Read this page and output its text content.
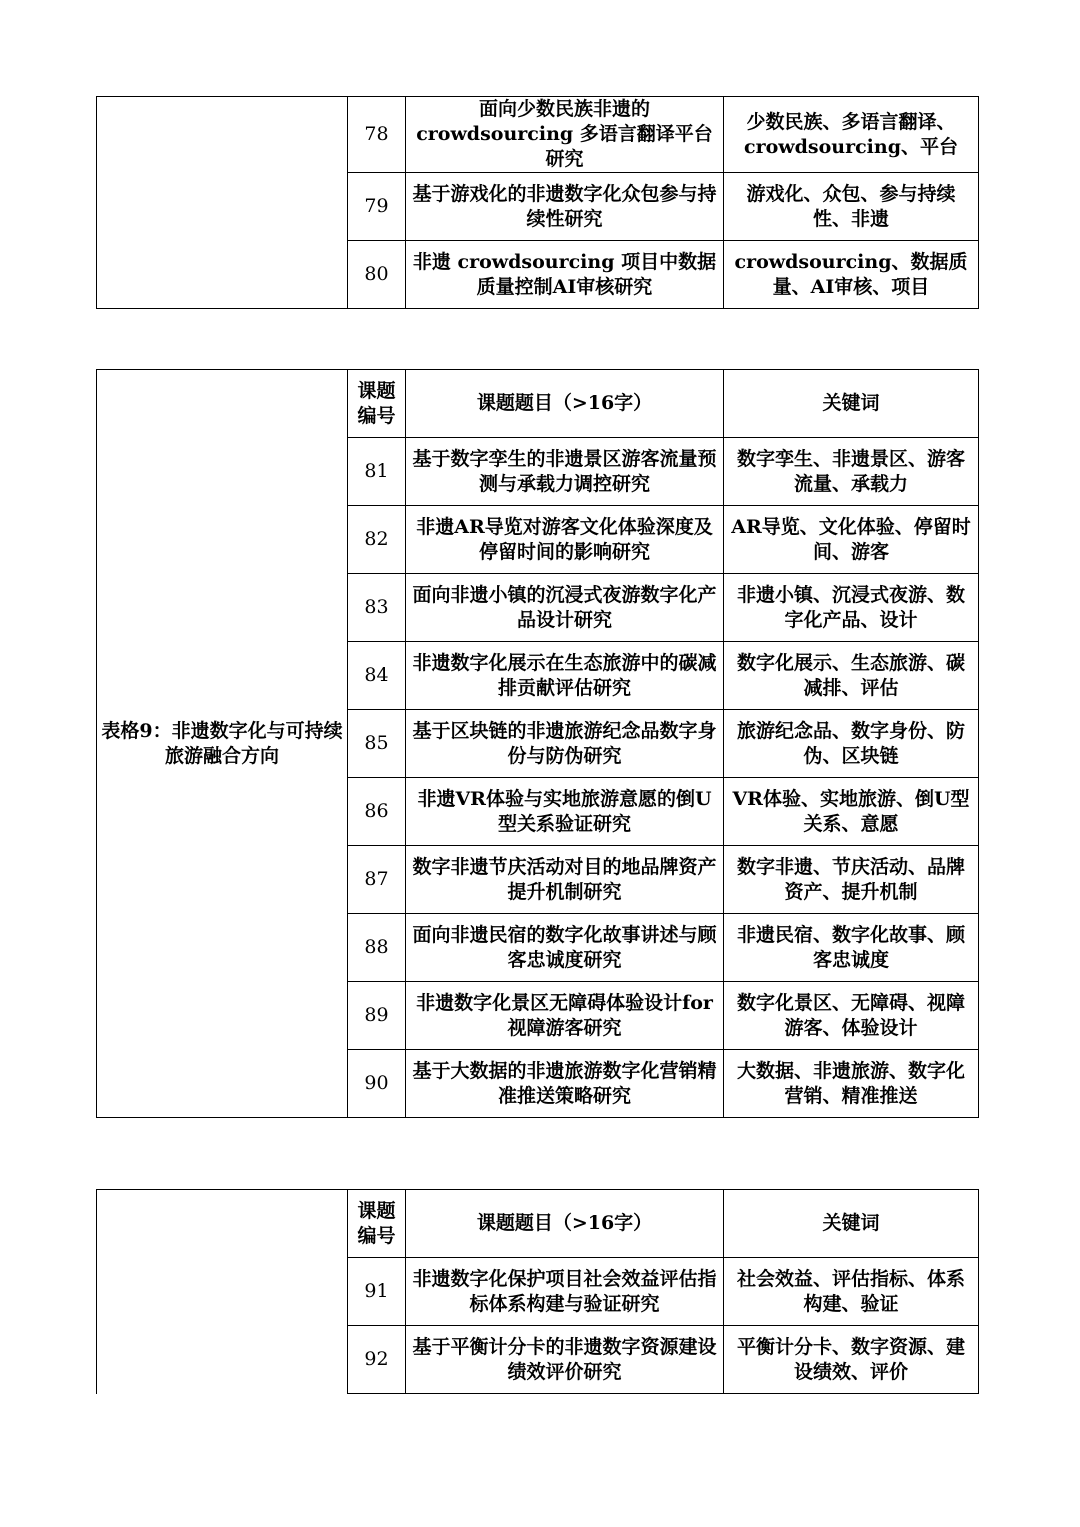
	78	面向少数民族非遗的crowdsourcing 多语言翻译平台研究	少数民族、多语言翻译、crowdsourcing、平台
	79	基于游戏化的非遗数字化众包参与持续性研究	游戏化、众包、参与持续性、非遗
	80	非遗 crowdsourcing 项目中数据质量控制AI审核研究	crowdsourcing、数据质量、AI审核、项目
表格9：非遗数字化与可持续旅游融合方向	课题编号	课题题目（>16字）	关键词
	81	基于数字孪生的非遗景区游客流量预测与承载力调控研究	数字孪生、非遗景区、游客流量、承载力
	82	非遗AR导览对游客文化体验深度及停留时间的影响研究	AR导览、文化体验、停留时间、游客
	83	面向非遗小镇的沉浸式夜游数字化产品设计研究	非遗小镇、沉浸式夜游、数字化产品、设计
	84	非遗数字化展示在生态旅游中的碳减排贡献评估研究	数字化展示、生态旅游、碳减排、评估
	85	基于区块链的非遗旅游纪念品数字身份与防伪研究	旅游纪念品、数字身份、防伪、区块链
	86	非遗VR体验与实地旅游意愿的倒U型关系验证研究	VR体验、实地旅游、倒U型关系、意愿
	87	数字非遗节庆活动对目的地品牌资产提升机制研究	数字非遗、节庆活动、品牌资产、提升机制
	88	面向非遗民宿的数字化故事讲述与顾客忠诚度研究	非遗民宿、数字化故事、顾客忠诚度
	89	非遗数字化景区无障碍体验设计for 视障游客研究	数字化景区、无障碍、视障游客、体验设计
	90	基于大数据的非遗旅游数字化营销精准推送策略研究	大数据、非遗旅游、数字化营销、精准推送
	课题编号	课题题目（>16字）	关键词
	91	非遗数字化保护项目社会效益评估指标体系构建与验证研究	社会效益、评估指标、体系构建、验证
	92	基于平衡计分卡的非遗数字资源建设绩效评价研究	平衡计分卡、数字资源、建设绩效、评价
